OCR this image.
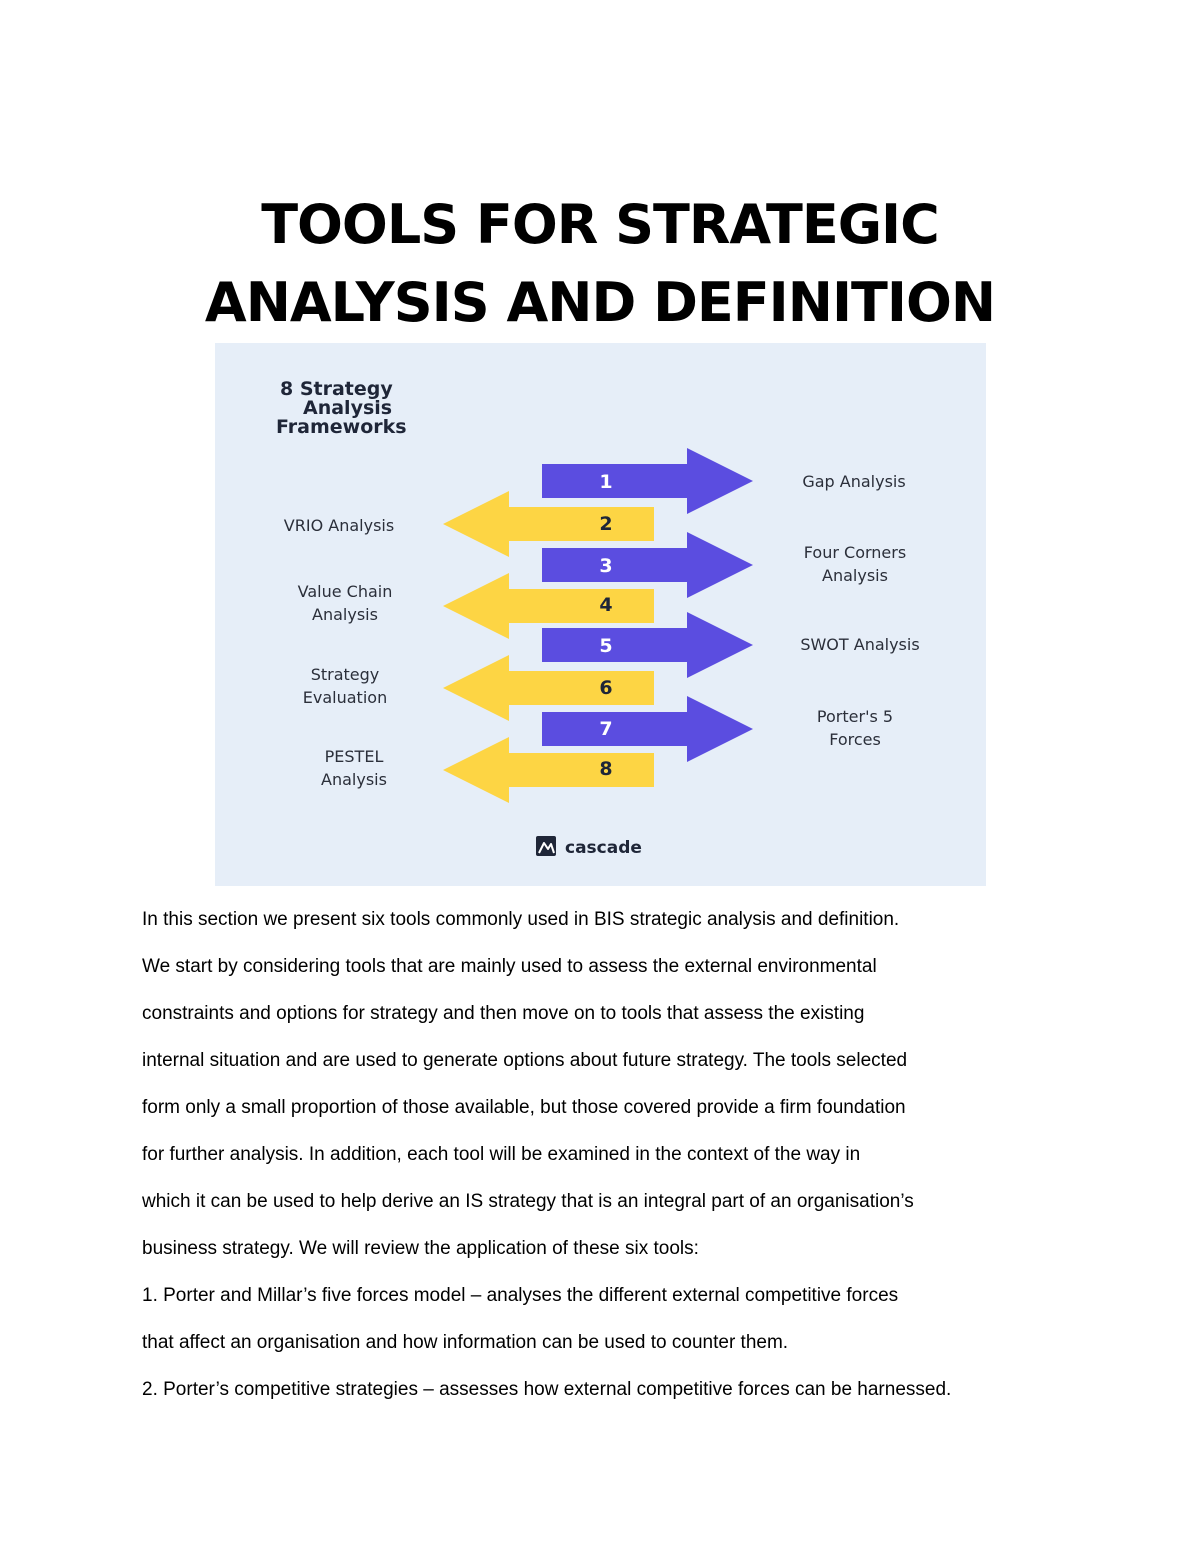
TOOLS FOR STRATEGIC
ANALYSIS AND DEFINITION
8 Strategy
Analysis
Frameworks
1	Gap Analysis
2
VRIO Analysis
3
Four Corners
Analysis
4
Value Chain
Analysis
5	SWOT Analysis
6
Strategy
Evaluation
7
Porter's 5
Forces
8
PESTEL
Analysis
cascade
In this section we present six tools commonly used in BIS strategic analysis and definition.
We start by considering tools that are mainly used to assess the external environmental
constraints and options for strategy and then move on to tools that assess the existing
internal situation and are used to generate options about future strategy. The tools selected
form only a small proportion of those available, but those covered provide a firm foundation
for further analysis. In addition, each tool will be examined in the context of the way in
which it can be used to help derive an IS strategy that is an integral part of an organisation’s
business strategy. We will review the application of these six tools:
1. Porter and Millar’s five forces model – analyses the different external competitive forces
that affect an organisation and how information can be used to counter them.
2. Porter’s competitive strategies – assesses how external competitive forces can be harnessed.
